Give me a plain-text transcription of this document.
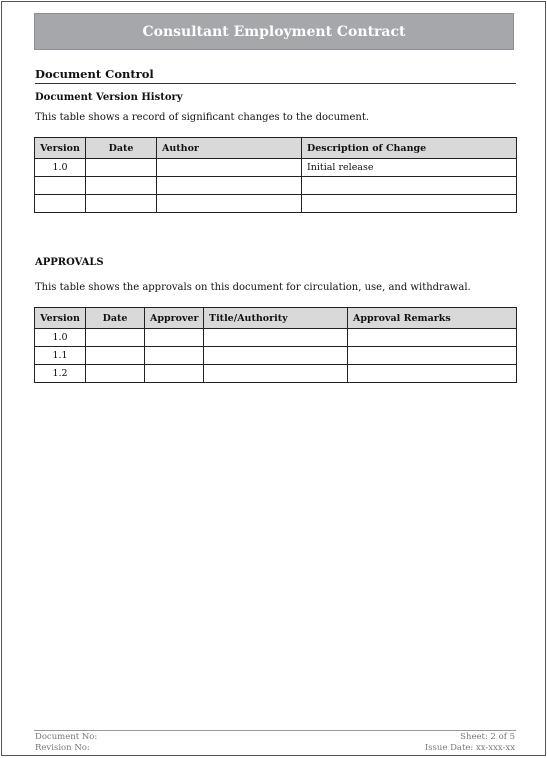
Consultant Employment Contract
Document Control
Document Version History
This table shows a record of significant changes to the document.
Version	Date	Author	Description of Change
1.0			Initial release

APPROVALS
This table shows the approvals on this document for circulation, use, and withdrawal.
Version	Date	Approver	Title/Authority	Approval Remarks
1.0				
1.1				
1.2				
Document No:
Revision No:
Sheet: 2 of 5
Issue Date: xx-xxx-xx
